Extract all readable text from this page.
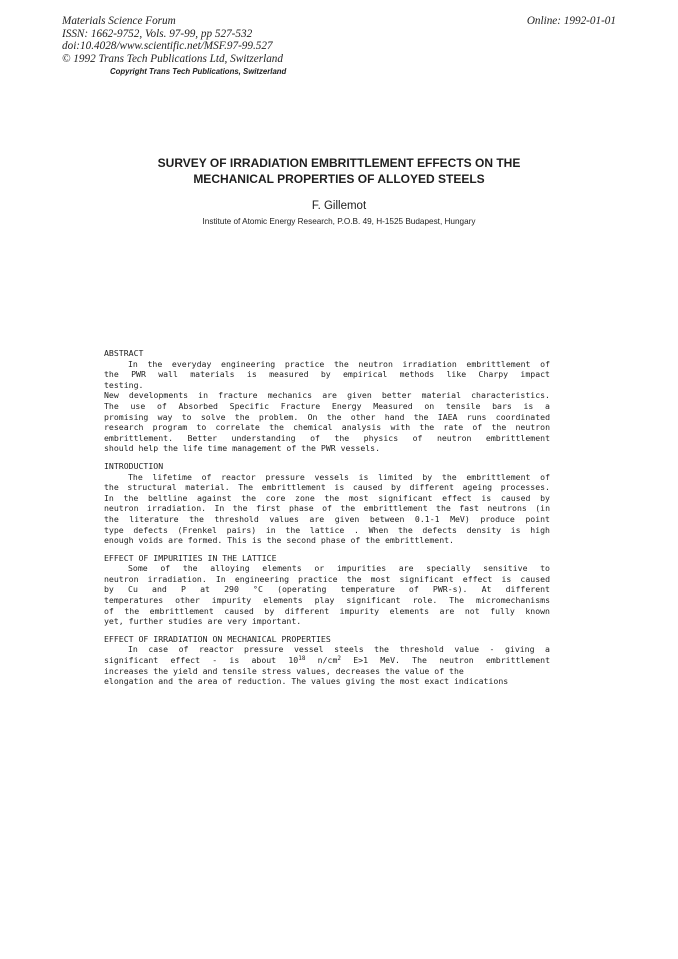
Materials Science Forum
ISSN: 1662-9752, Vols. 97-99, pp 527-532
doi:10.4028/www.scientific.net/MSF.97-99.527
© 1992 Trans Tech Publications Ltd, Switzerland
Online: 1992-01-01
Copyright Trans Tech Publications, Switzerland
SURVEY OF IRRADIATION EMBRITTLEMENT EFFECTS ON THE
MECHANICAL PROPERTIES OF ALLOYED STEELS
F. Gillemot
Institute of Atomic Energy Research, P.O.B. 49, H-1525 Budapest, Hungary
ABSTRACT
In the everyday engineering practice the neutron irradiation embrittlement of
the PWR wall materials is measured by empirical methods like Charpy impact
testing.
New developments in fracture mechanics are given better material characteristics.
The use of Absorbed Specific Fracture Energy Measured on tensile bars is a
promising way to solve the problem. On the other hand the IAEA runs coordinated
research program to correlate the chemical analysis with the rate of the neutron
embrittlement. Better understanding of the physics of neutron embrittlement
should help the life time management of the PWR vessels.
INTRODUCTION
The lifetime of reactor pressure vessels is limited by the embrittlement of
the structural material. The embrittlement is caused by different ageing processes.
In the beltline against the core zone the most significant effect is caused by
neutron irradiation. In the first phase of the embrittlement the fast neutrons (in
the literature the threshold values are given between 0.1-1 MeV) produce point
type defects (Frenkel pairs) in the lattice . When the defects density is high
enough voids are formed. This is the second phase of the embrittlement.
EFFECT OF IMPURITIES IN THE LATTICE
Some of the alloying elements or impurities are specially sensitive to
neutron irradiation. In engineering practice the most significant effect is caused
by Cu and P at 290 °C (operating temperature of PWR-s). At different
temperatures other impurity elements play significant role. The micromechanisms
of the embrittlement caused by different impurity elements are not fully known
yet, further studies are very important.
EFFECT OF IRRADIATION ON MECHANICAL PROPERTIES
In case of reactor pressure vessel steels the threshold value - giving a
significant effect - is about $10^{18}$ $n/cm^2$ E>1 MeV. The neutron embrittlement
increases the yield and tensile stress values, decreases the value of the
elongation and the area of reduction. The values giving the most exact indications
